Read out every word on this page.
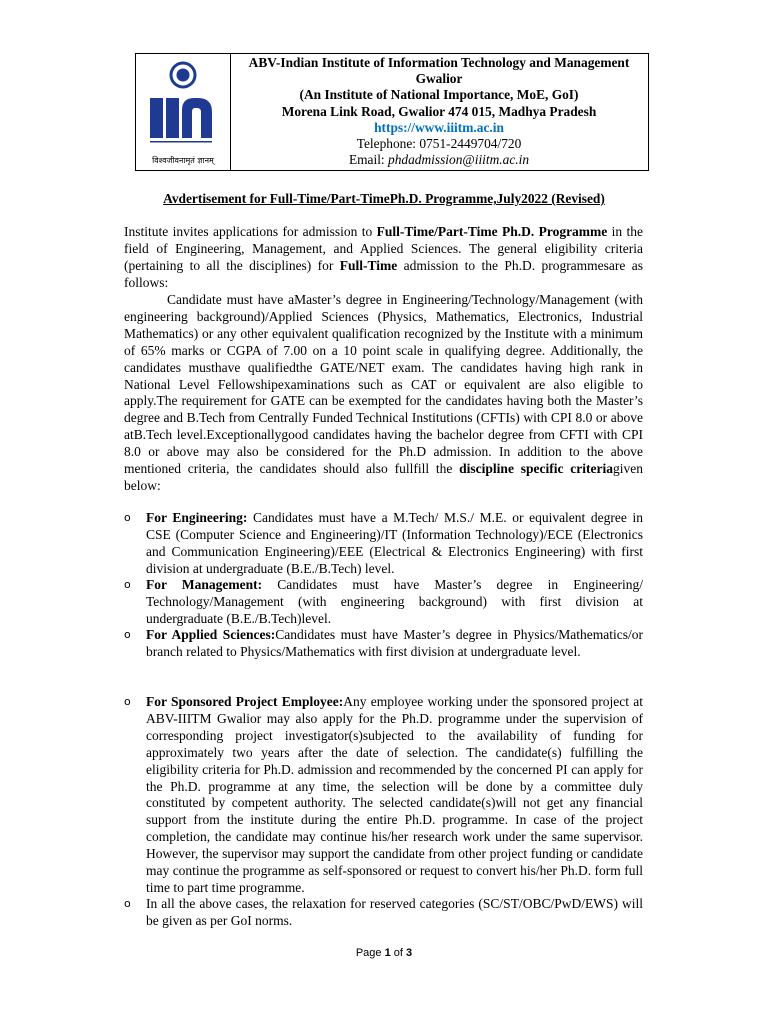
विश्वजीवनामृतं ज्ञानम्
ABV-Indian Institute of Information Technology and Management Gwalior
(An Institute of National Importance, MoE, GoI)
Morena Link Road, Gwalior 474 015, Madhya Pradesh
https://www.iiitm.ac.in
Telephone: 0751-2449704/720
Email: phdadmission@iiitm.ac.in
Avdertisement for Full-Time/Part-TimePh.D. Programme,July2022 (Revised)
Institute invites applications for admission to Full-Time/Part-Time Ph.D. Programme in the field of Engineering, Management, and Applied Sciences. The general eligibility criteria (pertaining to all the disciplines) for Full-Time admission to the Ph.D. programmesare as follows:
Candidate must have aMaster’s degree in Engineering/Technology/Management (with engineering background)/Applied Sciences (Physics, Mathematics, Electronics, Industrial Mathematics) or any other equivalent qualification recognized by the Institute with a minimum of 65% marks or CGPA of 7.00 on a 10 point scale in qualifying degree. Additionally, the candidates musthave qualifiedthe GATE/NET exam. The candidates having high rank in National Level Fellowshipexaminations such as CAT or equivalent are also eligible to apply.The requirement for GATE can be exempted for the candidates having both the Master’s degree and B.Tech from Centrally Funded Technical Institutions (CFTIs) with CPI 8.0 or above atB.Tech level.Exceptionallygood candidates having the bachelor degree from CFTI with CPI 8.0 or above may also be considered for the Ph.D admission. In addition to the above mentioned criteria, the candidates should also fullfill the discipline specific criteriagiven below:
o	For Engineering: Candidates must have a M.Tech/ M.S./ M.E. or equivalent degree in CSE (Computer Science and Engineering)/IT (Information Technology)/ECE (Electronics and Communication Engineering)/EEE (Electrical & Electronics Engineering) with first division at undergraduate (B.E./B.Tech) level.
o	For Management: Candidates must have Master’s degree in Engineering/ Technology/Management (with engineering background) with first division at undergraduate (B.E./B.Tech)level.
o	For Applied Sciences:Candidates must have Master’s degree in Physics/Mathematics/or branch related to Physics/Mathematics with first division at undergraduate level.
o	For Sponsored Project Employee:Any employee working under the sponsored project at ABV-IIITM Gwalior may also apply for the Ph.D. programme under the supervision of corresponding project investigator(s)subjected to the availability of funding for approximately two years after the date of selection. The candidate(s) fulfilling the eligibility criteria for Ph.D. admission and recommended by the concerned PI can apply for the Ph.D. programme at any time, the selection will be done by a committee duly constituted by competent authority. The selected candidate(s)will not get any financial support from the institute during the entire Ph.D. programme. In case of the project completion, the candidate may continue his/her research work under the same supervisor. However, the supervisor may support the candidate from other project funding or candidate may continue the programme as self-sponsored or request to convert his/her Ph.D. form full time to part time programme.
o	In all the above cases, the relaxation for reserved categories (SC/ST/OBC/PwD/EWS) will be given as per GoI norms.
Page 1 of 3
